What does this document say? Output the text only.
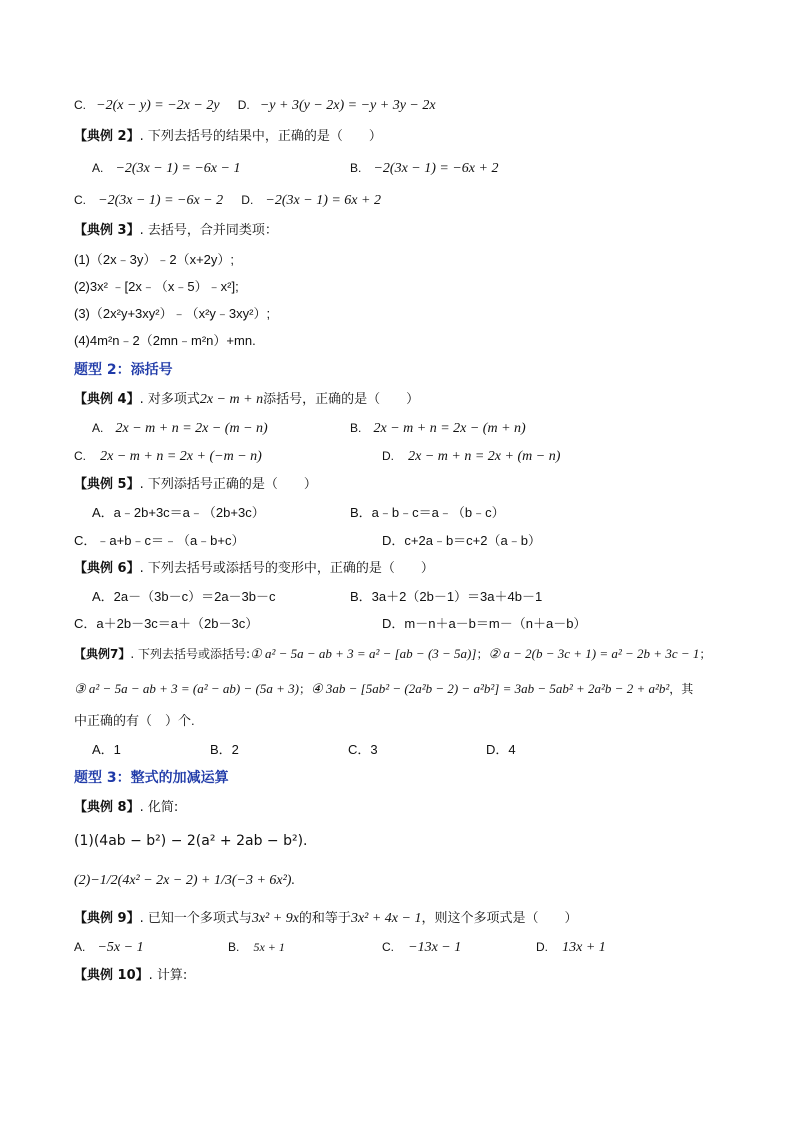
C. −2(x − y) = −2x − 2y D. −y + 3(y − 2x) = −y + 3y − 2x
【典例 2】. 下列去括号的结果中，正确的是（　　）
A. −2(3x − 1) = −6x − 1	B. −2(3x − 1) = −6x + 2
C. −2(3x − 1) = −6x − 2 D. −2(3x − 1) = 6x + 2
【典例 3】. 去括号，合并同类项：
(1)（2x﹣3y）﹣2（x+2y）;
(2)3x² ﹣[2x﹣（x﹣5）﹣x²];
(3)（2x²y+3xy²）﹣（x²y﹣3xy²）;
(4)4m²n﹣2（2mn﹣m²n）+mn.
题型 2：添括号
【典例 4】. 对多项式2x − m + n添括号，正确的是（　　）
A. 2x − m + n = 2x − (m − n)	B. 2x − m + n = 2x − (m + n)
C. 2x − m + n = 2x + (−m − n)	D. 2x − m + n = 2x + (m − n)
【典例 5】. 下列添括号正确的是（　　）
A．a﹣2b+3c＝a﹣（2b+3c）	B．a﹣b﹣c＝a﹣（b﹣c）
C．﹣a+b﹣c＝﹣（a﹣b+c）	D．c+2a﹣b＝c+2（a﹣b）
【典例 6】. 下列去括号或添括号的变形中，正确的是（　　）
A．2a－（3b－c）＝2a－3b－c	B．3a＋2（2b－1）＝3a＋4b－1
C．a＋2b－3c＝a＋（2b－3c）	D．m－n＋a－b＝m－（n＋a－b）
【典例7】. 下列去括号或添括号:① a² − 5a − ab + 3 = a² − [ab − (3 − 5a)]；② a − 2(b − 3c + 1) = a² − 2b + 3c − 1；
③ a² − 5a − ab + 3 = (a² − ab) − (5a + 3)；④ 3ab − [5ab² − (2a²b − 2) − a²b²] = 3ab − 5ab² + 2a²b − 2 + a²b²，其
中正确的有（　）个.
A．1	B．2	C．3	D．4
题型 3：整式的加减运算
【典例 8】. 化简:
(1)(4ab − b²) − 2(a² + 2ab − b²).
(2)−1/2(4x² − 2x − 2) + 1/3(−3 + 6x²).
【典例 9】. 已知一个多项式与3x² + 9x的和等于3x² + 4x − 1，则这个多项式是（　　）
A. −5x − 1	B. 5x + 1	C. −13x − 1	D. 13x + 1
【典例 10】. 计算:
